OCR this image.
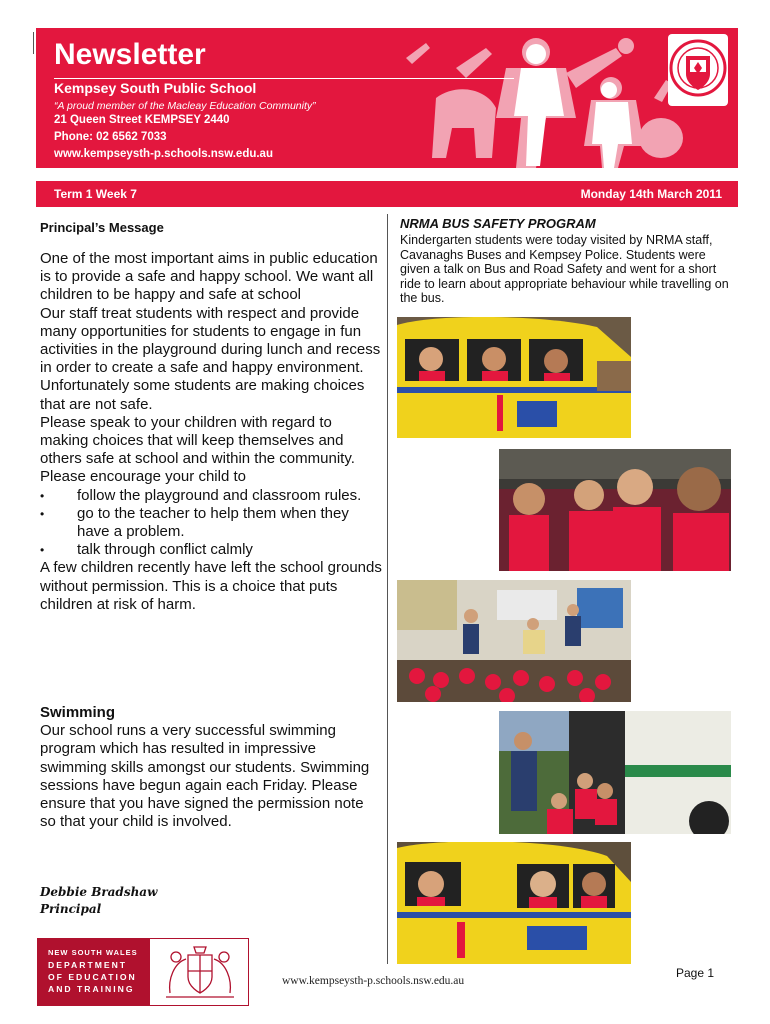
Newsletter
Kempsey South Public School
“A proud member of the Macleay Education Community”
21 Queen Street KEMPSEY 2440
Phone: 02 6562 7033
www.kempseysth-p.schools.nsw.edu.au
Term 1 Week 7	Monday 14th March 2011
Principal’s Message

One of the most important aims in public education is to provide a safe and happy school. We want all children to be happy and safe at school

Our staff treat students with respect and provide many opportunities for students to engage in fun activities in the playground during lunch and recess in order to create a safe and happy environment.

Unfortunately some students are making choices that are not safe.

Please speak to your children with regard to making choices that will keep themselves and others safe at school and within the community.

Please encourage your child to

• follow the playground and classroom rules.
• go to the teacher to help them when they have a problem.
• talk through conflict calmly

A few children recently have left the school grounds without permission. This is a choice that puts children at risk of harm.

Swimming

Our school runs a very successful swimming program which has resulted in impressive swimming skills amongst our students. Swimming sessions have begun again each Friday. Please ensure that you have signed the permission note so that your child is involved.

Debbie Bradshaw
Principal
NEW SOUTH WALES
DEPARTMENT
OF EDUCATION
AND TRAINING
www.kempseysth-p.schools.nsw.edu.au
Page 1
NRMA BUS SAFETY PROGRAM
Kindergarten students were today visited by NRMA staff, Cavanaghs Buses and Kempsey Police. Students were given a talk on Bus and Road Safety and went for a short ride to learn about appropriate behaviour while travelling on the bus.
